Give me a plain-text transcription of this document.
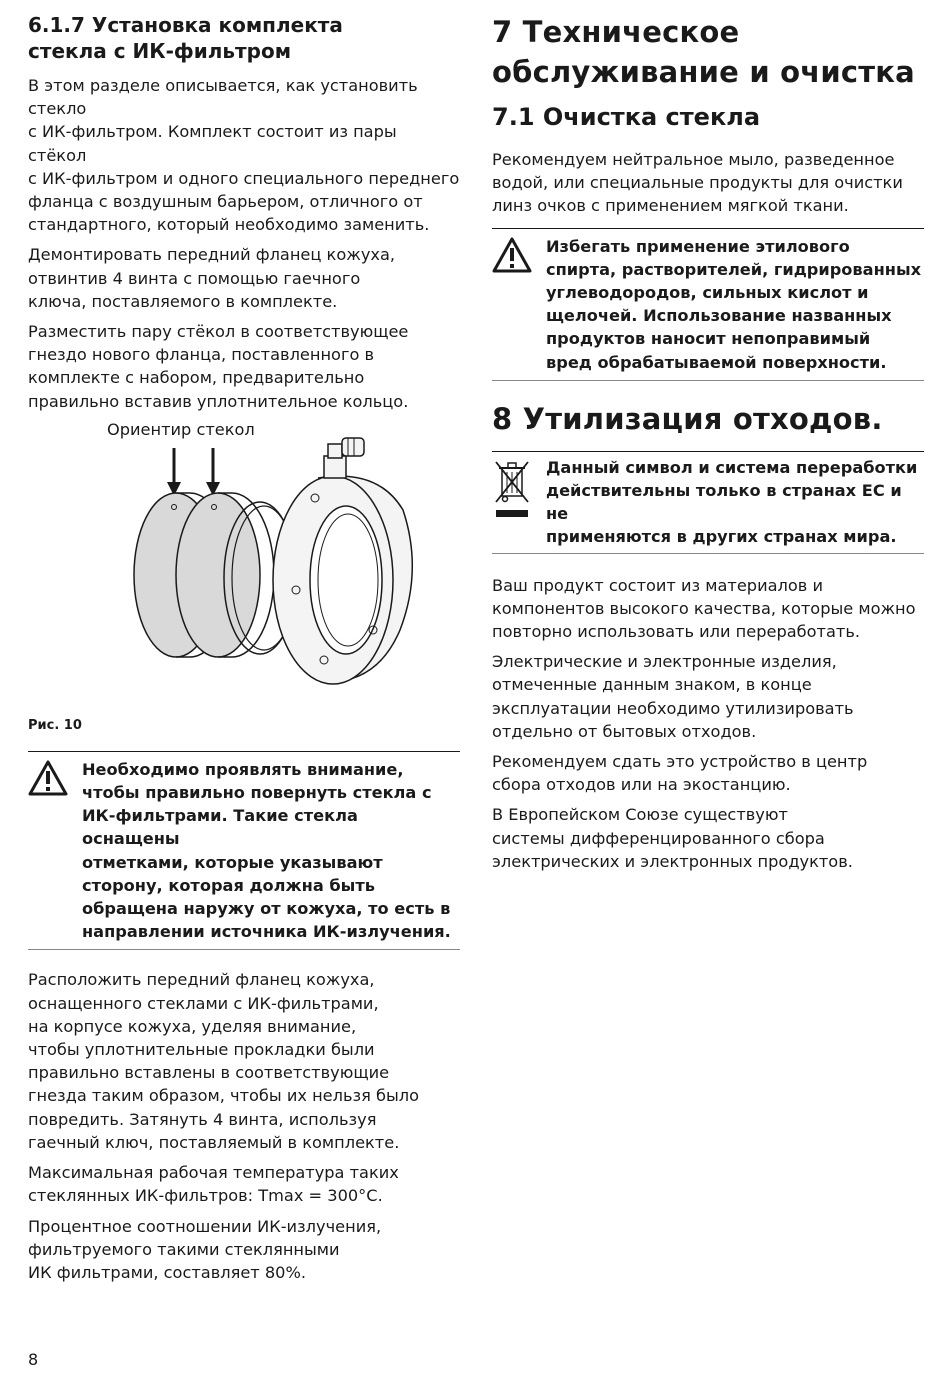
6.1.7 Установка комплекта
стекла с ИК-фильтром

В этом разделе описывается, как установить стекло
с ИК-фильтром. Комплект состоит из пары стёкол
с ИК-фильтром и одного специального переднего
фланца с воздушным барьером, отличного от
стандартного, который необходимо заменить.

Демонтировать передний фланец кожуха,
отвинтив 4 винта с помощью гаечного
ключа, поставляемого в комплекте.

Разместить пару стёкол в соответствующее
гнездо нового фланца, поставленного в
комплекте с набором, предварительно
правильно вставив уплотнительное кольцо.

Ориентир стекол
Рис. 10
Необходимо проявлять внимание,
чтобы правильно повернуть стекла с
ИК-фильтрами. Такие стекла оснащены
отметками, которые указывают
сторону, которая должна быть
обращена наружу от кожуха, то есть в
направлении источника ИК-излучения.

Расположить передний фланец кожуха,
оснащенного стеклами с ИК-фильтрами,
на корпусе кожуха, уделяя внимание,
чтобы уплотнительные прокладки были
правильно вставлены в соответствующие
гнезда таким образом, чтобы их нельзя было
повредить. Затянуть 4 винта, используя
гаечный ключ, поставляемый в комплекте.

Максимальная рабочая температура таких
стеклянных ИК-фильтров: Tmax = 300°C.

Процентное соотношении ИК-излучения,
фильтруемого такими стеклянными
ИК фильтрами, составляет 80%.

7 Техническое
обслуживание и очистка
7.1 Очистка стекла

Рекомендуем нейтральное мыло, разведенное
водой, или специальные продукты для очистки
линз очков с применением мягкой ткани.

Избегать применение этилового
спирта, растворителей, гидрированных
углеводородов, сильных кислот и
щелочей. Использование названных
продуктов наносит непоправимый
вред обрабатываемой поверхности.
8 Утилизация отходов.
Данный символ и система переработки
действительны только в странах ЕС и не
применяются в других странах мира.

Ваш продукт состоит из материалов и
компонентов высокого качества, которые можно
повторно использовать или переработать.

Электрические и электронные изделия,
отмеченные данным знаком, в конце
эксплуатации необходимо утилизировать
отдельно от бытовых отходов.

Рекомендуем сдать это устройство в центр
сбора отходов или на экостанцию.

В Европейском Союзе существуют
системы дифференцированного сбора
электрических и электронных продуктов.

8
